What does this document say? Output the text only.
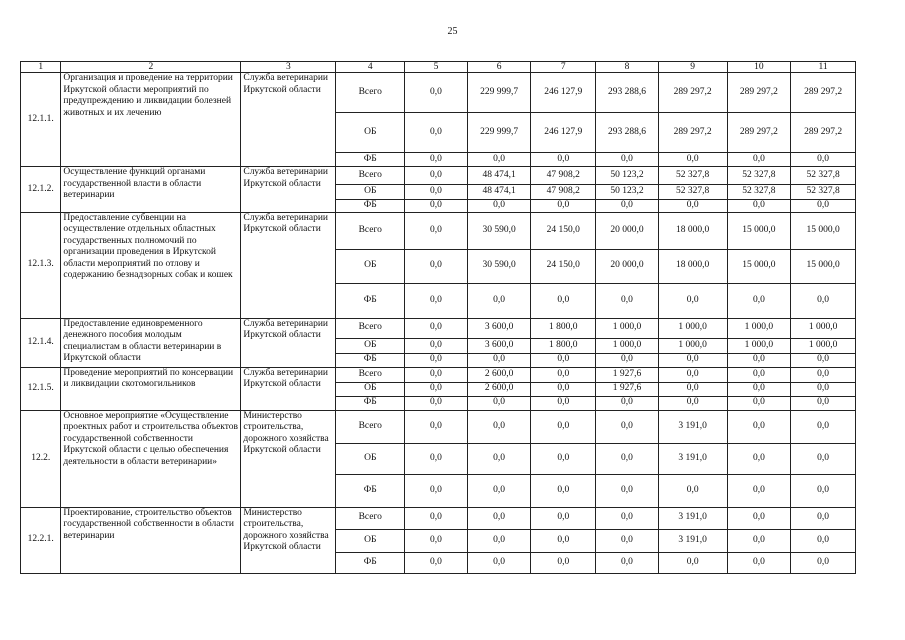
25
1	2	3	4	5	6	7	8	9	10	11
12.1.1.	Организация и проведение на территории Иркутской области мероприятий по предупреждению и ликвидации болезней животных и их лечению	Служба ветеринарии Иркутской области	Всего	0,0	229 999,7	246 127,9	293 288,6	289 297,2	289 297,2	289 297,2
			ОБ	0,0	229 999,7	246 127,9	293 288,6	289 297,2	289 297,2	289 297,2
			ФБ	0,0	0,0	0,0	0,0	0,0	0,0	0,0
12.1.2.	Осуществление функций органами государственной власти в области ветеринарии	Служба ветеринарии Иркутской области	Всего	0,0	48 474,1	47 908,2	50 123,2	52 327,8	52 327,8	52 327,8
			ОБ	0,0	48 474,1	47 908,2	50 123,2	52 327,8	52 327,8	52 327,8
			ФБ	0,0	0,0	0,0	0,0	0,0	0,0	0,0
12.1.3.	Предоставление субвенции на осуществление отдельных областных государственных полномочий по организации проведения в Иркутской области мероприятий по отлову и содержанию безнадзорных собак и кошек	Служба ветеринарии Иркутской области	Всего	0,0	30 590,0	24 150,0	20 000,0	18 000,0	15 000,0	15 000,0
			ОБ	0,0	30 590,0	24 150,0	20 000,0	18 000,0	15 000,0	15 000,0
			ФБ	0,0	0,0	0,0	0,0	0,0	0,0	0,0
12.1.4.	Предоставление единовременного денежного пособия молодым специалистам в области ветеринарии в Иркутской области	Служба ветеринарии Иркутской области	Всего	0,0	3 600,0	1 800,0	1 000,0	1 000,0	1 000,0	1 000,0
			ОБ	0,0	3 600,0	1 800,0	1 000,0	1 000,0	1 000,0	1 000,0
			ФБ	0,0	0,0	0,0	0,0	0,0	0,0	0,0
12.1.5.	Проведение мероприятий по консервации и ликвидации скотомогильников	Служба ветеринарии Иркутской области	Всего	0,0	2 600,0	0,0	1 927,6	0,0	0,0	0,0
			ОБ	0,0	2 600,0	0,0	1 927,6	0,0	0,0	0,0
			ФБ	0,0	0,0	0,0	0,0	0,0	0,0	0,0
12.2.	Основное мероприятие «Осуществление проектных работ и строительства объектов государственной собственности Иркутской области с целью обеспечения деятельности в области ветеринарии»	Министерство строительства, дорожного хозяйства Иркутской области	Всего	0,0	0,0	0,0	0,0	3 191,0	0,0	0,0
			ОБ	0,0	0,0	0,0	0,0	3 191,0	0,0	0,0
			ФБ	0,0	0,0	0,0	0,0	0,0	0,0	0,0
12.2.1.	Проектирование, строительство объектов государственной собственности в области ветеринарии	Министерство строительства, дорожного хозяйства Иркутской области	Всего	0,0	0,0	0,0	0,0	3 191,0	0,0	0,0
			ОБ	0,0	0,0	0,0	0,0	3 191,0	0,0	0,0
			ФБ	0,0	0,0	0,0	0,0	0,0	0,0	0,0
